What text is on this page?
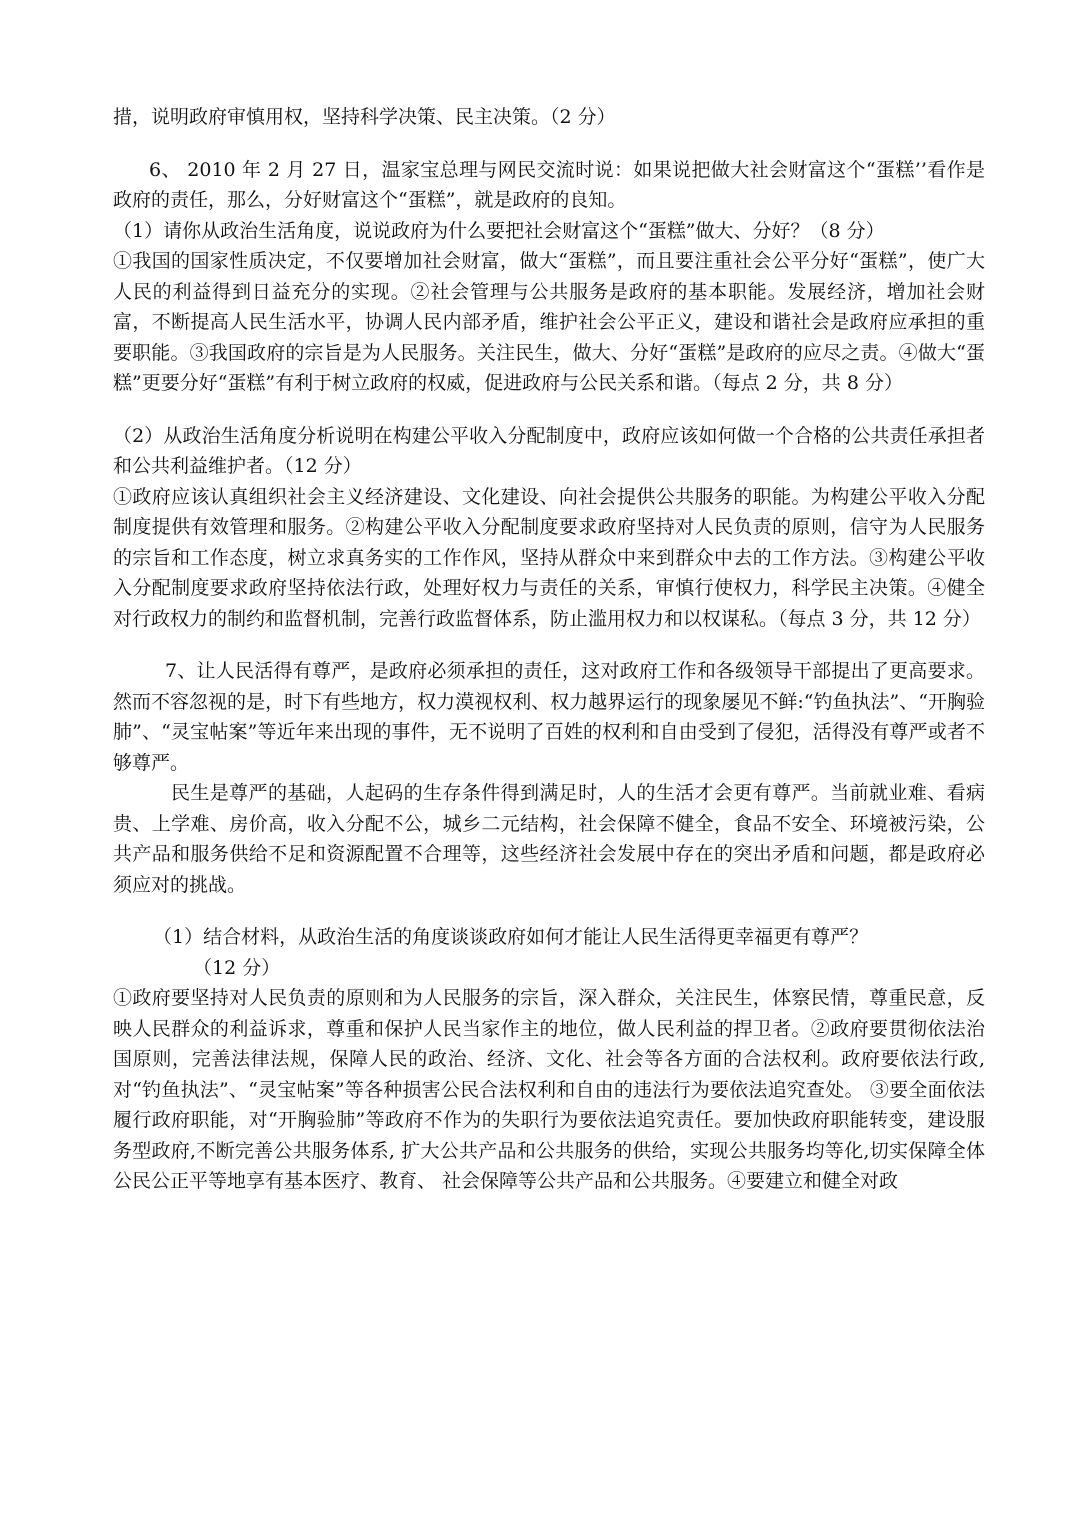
措，说明政府审慎用权，坚持科学决策、民主决策。（2 分）

6、 2010 年 2 月 27 日，温家宝总理与网民交流时说：如果说把做大社会财富这个“蛋糕’’看作是政府的责任，那么，分好财富这个“蛋糕”，就是政府的良知。

（1）请你从政治生活角度，说说政府为什么要把社会财富这个“蛋糕”做大、分好？（8 分）

①我国的国家性质决定，不仅要增加社会财富，做大“蛋糕”，而且要注重社会公平分好“蛋糕”，使广大人民的利益得到日益充分的实现。②社会管理与公共服务是政府的基本职能。发展经济，增加社会财富，不断提高人民生活水平，协调人民内部矛盾，维护社会公平正义，建设和谐社会是政府应承担的重要职能。③我国政府的宗旨是为人民服务。关注民生，做大、分好“蛋糕”是政府的应尽之责。④做大“蛋糕”更要分好“蛋糕”有利于树立政府的权威，促进政府与公民关系和谐。（每点 2 分，共 8 分）

（2）从政治生活角度分析说明在构建公平收入分配制度中，政府应该如何做一个合格的公共责任承担者和公共利益维护者。（12 分）

①政府应该认真组织社会主义经济建设、文化建设、向社会提供公共服务的职能。为构建公平收入分配制度提供有效管理和服务。②构建公平收入分配制度要求政府坚持对人民负责的原则，信守为人民服务的宗旨和工作态度，树立求真务实的工作作风，坚持从群众中来到群众中去的工作方法。③构建公平收入分配制度要求政府坚持依法行政，处理好权力与责任的关系，审慎行使权力，科学民主决策。④健全对行政权力的制约和监督机制，完善行政监督体系，防止滥用权力和以权谋私。（每点 3 分，共 12 分）

7、让人民活得有尊严，是政府必须承担的责任，这对政府工作和各级领导干部提出了更高要求。然而不容忽视的是，时下有些地方，权力漠视权利、权力越界运行的现象屡见不鲜:“钓鱼执法”、“开胸验肺”、“灵宝帖案”等近年来出现的事件，无不说明了百姓的权利和自由受到了侵犯，活得没有尊严或者不够尊严。

民生是尊严的基础，人起码的生存条件得到满足时，人的生活才会更有尊严。当前就业难、看病贵、上学难、房价高，收入分配不公，城乡二元结构，社会保障不健全，食品不安全、环境被污染，公共产品和服务供给不足和资源配置不合理等，这些经济社会发展中存在的突出矛盾和问题，都是政府必须应对的挑战。

（1）结合材料，从政治生活的角度谈谈政府如何才能让人民生活得更幸福更有尊严？

（12 分）

①政府要坚持对人民负责的原则和为人民服务的宗旨，深入群众，关注民生，体察民情，尊重民意，反映人民群众的利益诉求，尊重和保护人民当家作主的地位，做人民利益的捍卫者。②政府要贯彻依法治国原则，完善法律法规，保障人民的政治、经济、文化、社会等各方面的合法权利。政府要依法行政,对“钓鱼执法”、“灵宝帖案”等各种损害公民合法权利和自由的违法行为要依法追究查处。 ③要全面依法履行政府职能，对“开胸验肺”等政府不作为的失职行为要依法追究责任。要加快政府职能转变，建设服务型政府,不断完善公共服务体系, 扩大公共产品和公共服务的供给，实现公共服务均等化,切实保障全体公民公正平等地享有基本医疗、教育、 社会保障等公共产品和公共服务。④要建立和健全对政
